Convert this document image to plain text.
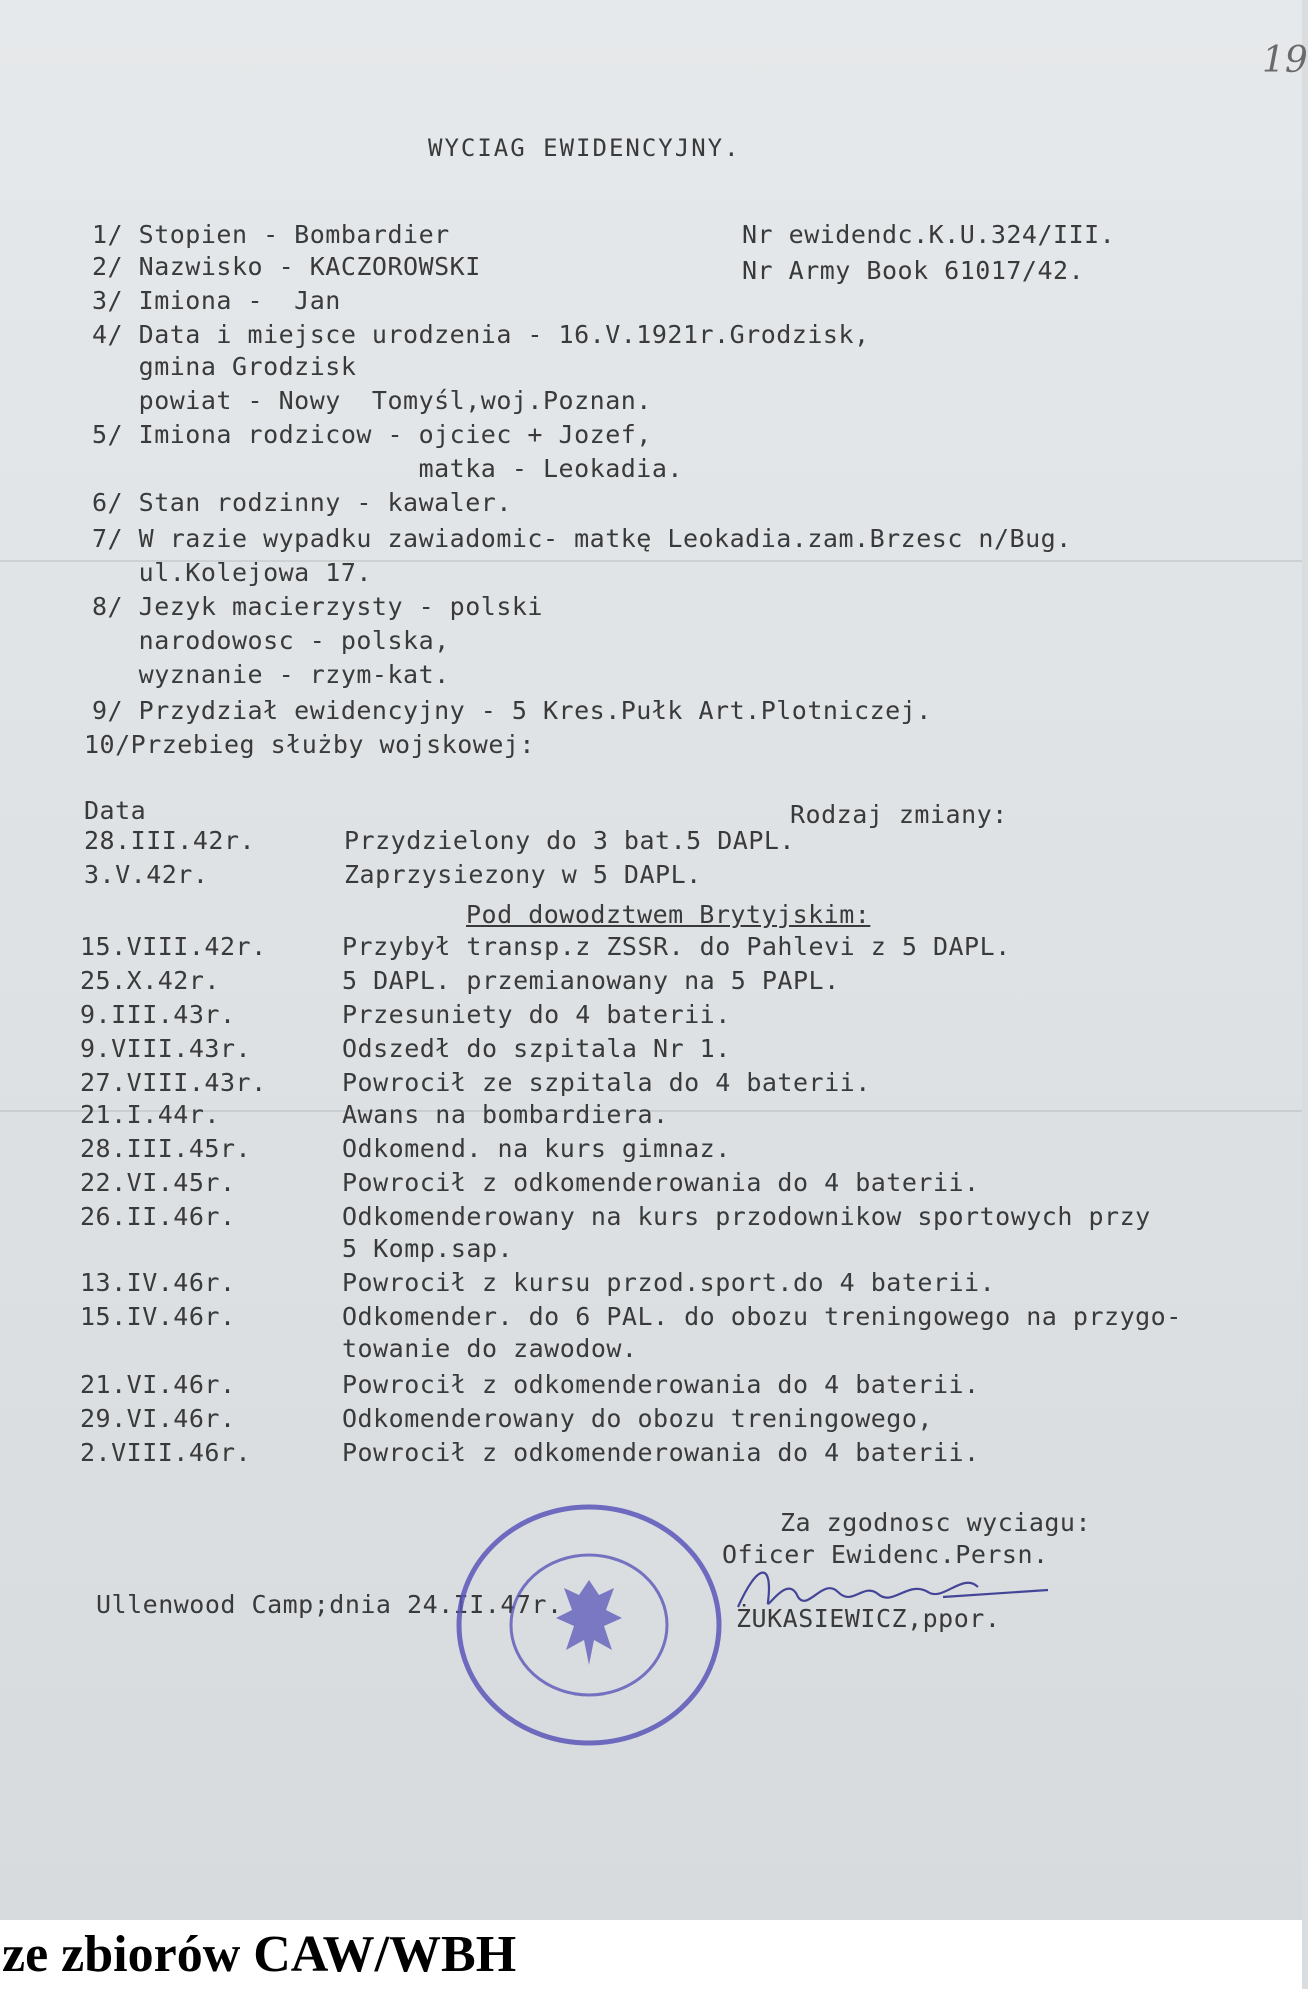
19
WYCIAG EWIDENCYJNY.
Nr ewidendc.K.U.324/III.
Nr Army Book 61017/42.
1/ Stopien - Bombardier
2/ Nazwisko - KACZOROWSKI
3/ Imiona -  Jan
4/ Data i miejsce urodzenia - 16.V.1921r.Grodzisk,
gmina Grodzisk
powiat - Nowy  Tomyśl,woj.Poznan.
5/ Imiona rodzicow - ojciec + Jozef,
matka - Leokadia.
6/ Stan rodzinny - kawaler.
7/ W razie wypadku zawiadomic- matkę Leokadia.zam.Brzesc n/Bug.
ul.Kolejowa 17.
8/ Jezyk macierzysty - polski
narodowosc - polska,
wyznanie - rzym-kat.
9/ Przydział ewidencyjny - 5 Kres.Pułk Art.Plotniczej.
10/Przebieg służby wojskowej:
Data	Rodzaj zmiany:
28.III.42r.	Przydzielony do 3 bat.5 DAPL.
3.V.42r.	Zaprzysiezony w 5 DAPL.
Pod dowodztwem Brytyjskim:
15.VIII.42r.	Przybył transp.z ZSSR. do Pahlevi z 5 DAPL.
25.X.42r.	5 DAPL. przemianowany na 5 PAPL.
9.III.43r.	Przesuniety do 4 baterii.
9.VIII.43r.	Odszedł do szpitala Nr 1.
27.VIII.43r.	Powrocił ze szpitala do 4 baterii.
21.I.44r.	Awans na bombardiera.
28.III.45r.	Odkomend. na kurs gimnaz.
22.VI.45r.	Powrocił z odkomenderowania do 4 baterii.
26.II.46r.	Odkomenderowany na kurs przodownikow sportowych przy
5 Komp.sap.
13.IV.46r.	Powrocił z kursu przod.sport.do 4 baterii.
15.IV.46r.	Odkomender. do 6 PAL. do obozu treningowego na przygo-
towanie do zawodow.
21.VI.46r.	Powrocił z odkomenderowania do 4 baterii.
29.VI.46r.	Odkomenderowany do obozu treningowego,
2.VIII.46r.	Powrocił z odkomenderowania do 4 baterii.
Za zgodnosc wyciagu:
Oficer Ewidenc.Persn.
Ullenwood Camp;dnia 24.II.47r.	ŻUKASIEWICZ,ppor.
ze zbiorów CAW/WBH
